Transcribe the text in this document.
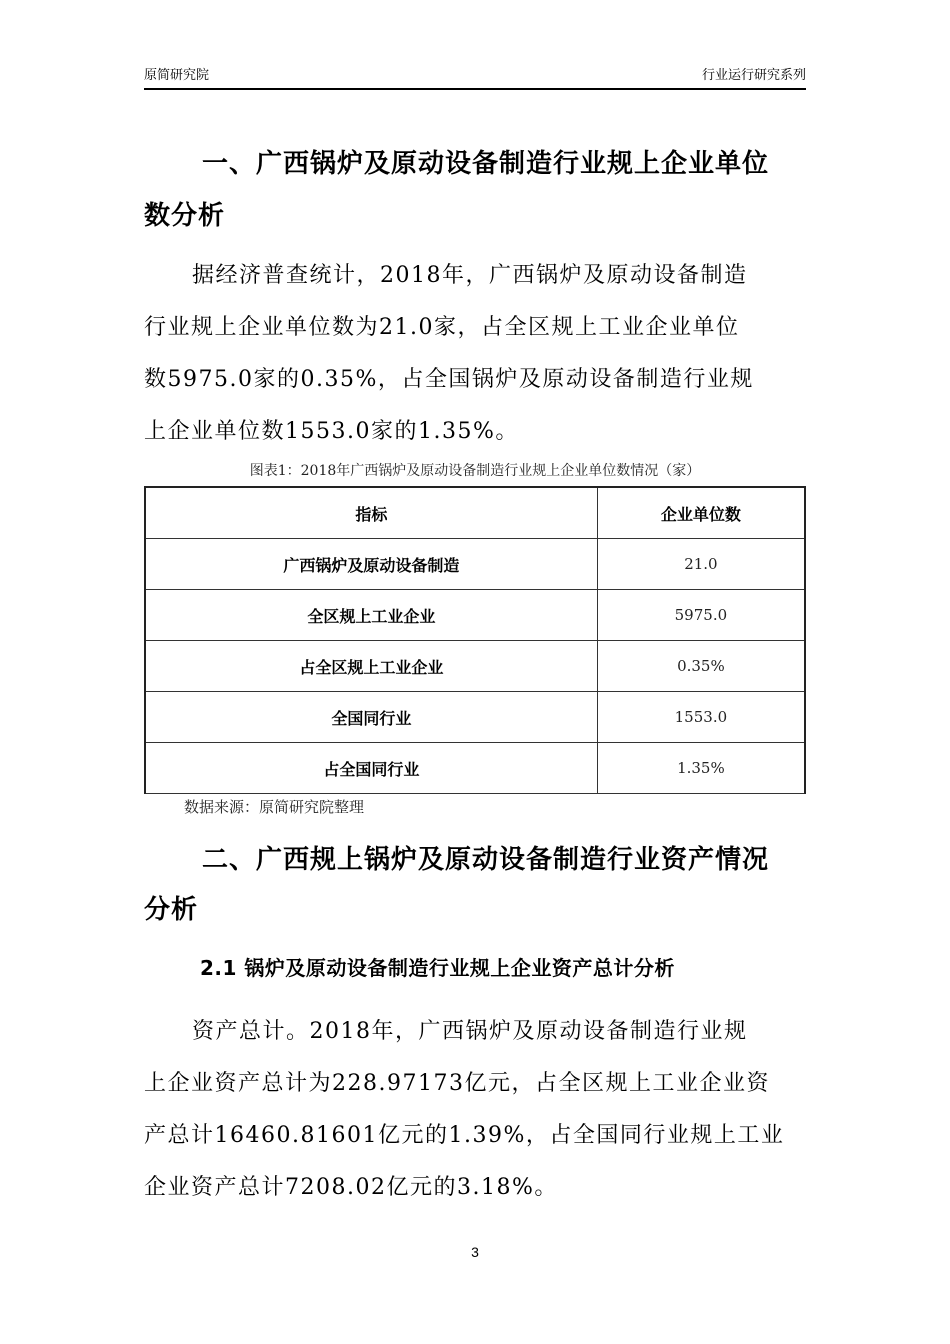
原简研究院	行业运行研究系列
一、广西锅炉及原动设备制造行业规上企业单位
数分析
据经济普查统计，2018年，广西锅炉及原动设备制造
行业规上企业单位数为21.0家，占全区规上工业企业单位
数5975.0家的0.35%，占全国锅炉及原动设备制造行业规
上企业单位数1553.0家的1.35%。
图表1：2018年广西锅炉及原动设备制造行业规上企业单位数情况（家）
指标	企业单位数
广西锅炉及原动设备制造	21.0
全区规上工业企业	5975.0
占全区规上工业企业	0.35%
全国同行业	1553.0
占全国同行业	1.35%
数据来源：原简研究院整理
二、广西规上锅炉及原动设备制造行业资产情况
分析
2.1 锅炉及原动设备制造行业规上企业资产总计分析
资产总计。2018年，广西锅炉及原动设备制造行业规
上企业资产总计为228.97173亿元，占全区规上工业企业资
产总计16460.81601亿元的1.39%，占全国同行业规上工业
企业资产总计7208.02亿元的3.18%。
3
